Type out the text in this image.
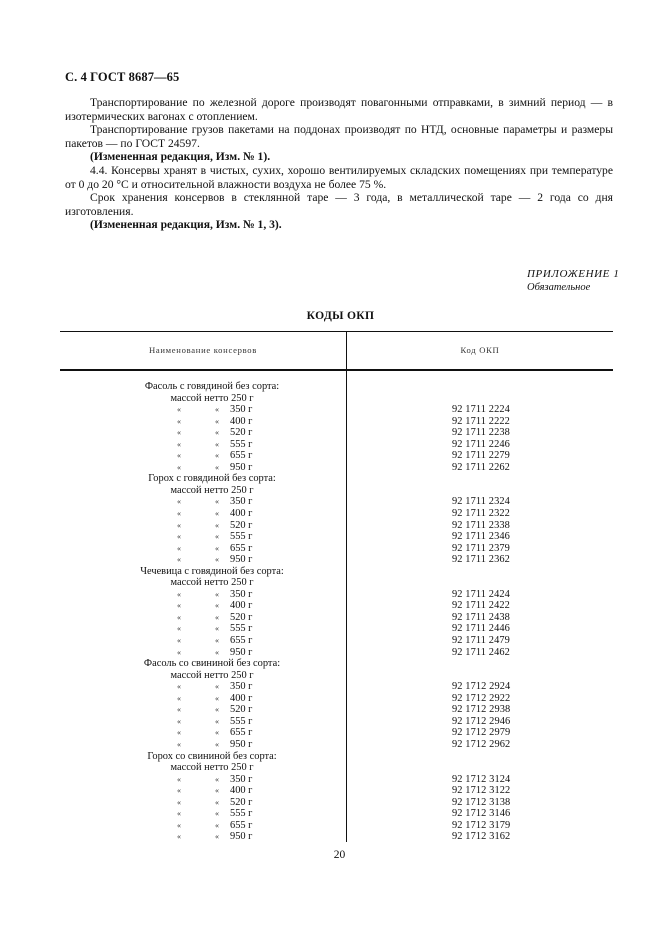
С. 4 ГОСТ 8687—65

Транспортирование по железной дороге производят повагонными отправками, в зимний период — в изотермических вагонах с отоплением.

Транспортирование грузов пакетами на поддонах производят по НТД, основные параметры и размеры пакетов — по ГОСТ 24597.

(Измененная редакция, Изм. № 1).

4.4. Консервы хранят в чистых, сухих, хорошо вентилируемых складских помещениях при температуре от 0 до 20 °С и относительной влажности воздуха не более 75 %.

Срок хранения консервов в стеклянной таре — 3 года, в металлической таре — 2 года со дня изготовления.

(Измененная редакция, Изм. № 1, 3).

ПРИЛОЖЕНИЕ 1
Обязательное
КОДЫ ОКП
Наименование консервов	Код ОКП
Фасоль с говядиной без сорта:
массой нетто 250 г
«	« 350 г	92 1711 2224
«	« 400 г	92 1711 2222
«	« 520 г	92 1711 2238
«	« 555 г	92 1711 2246
«	« 655 г	92 1711 2279
«	« 950 г	92 1711 2262
Горох с говядиной без сорта:
массой нетто 250 г
«	« 350 г	92 1711 2324
«	« 400 г	92 1711 2322
«	« 520 г	92 1711 2338
«	« 555 г	92 1711 2346
«	« 655 г	92 1711 2379
«	« 950 г	92 1711 2362
Чечевица с говядиной без сорта:
массой нетто 250 г
«	« 350 г	92 1711 2424
«	« 400 г	92 1711 2422
«	« 520 г	92 1711 2438
«	« 555 г	92 1711 2446
«	« 655 г	92 1711 2479
«	« 950 г	92 1711 2462
Фасоль со свининой без сорта:
массой нетто 250 г
«	« 350 г	92 1712 2924
«	« 400 г	92 1712 2922
«	« 520 г	92 1712 2938
«	« 555 г	92 1712 2946
«	« 655 г	92 1712 2979
«	« 950 г	92 1712 2962
Горох со свининой без сорта:
массой нетто 250 г
«	« 350 г	92 1712 3124
«	« 400 г	92 1712 3122
«	« 520 г	92 1712 3138
«	« 555 г	92 1712 3146
«	« 655 г	92 1712 3179
«	« 950 г	92 1712 3162
20
